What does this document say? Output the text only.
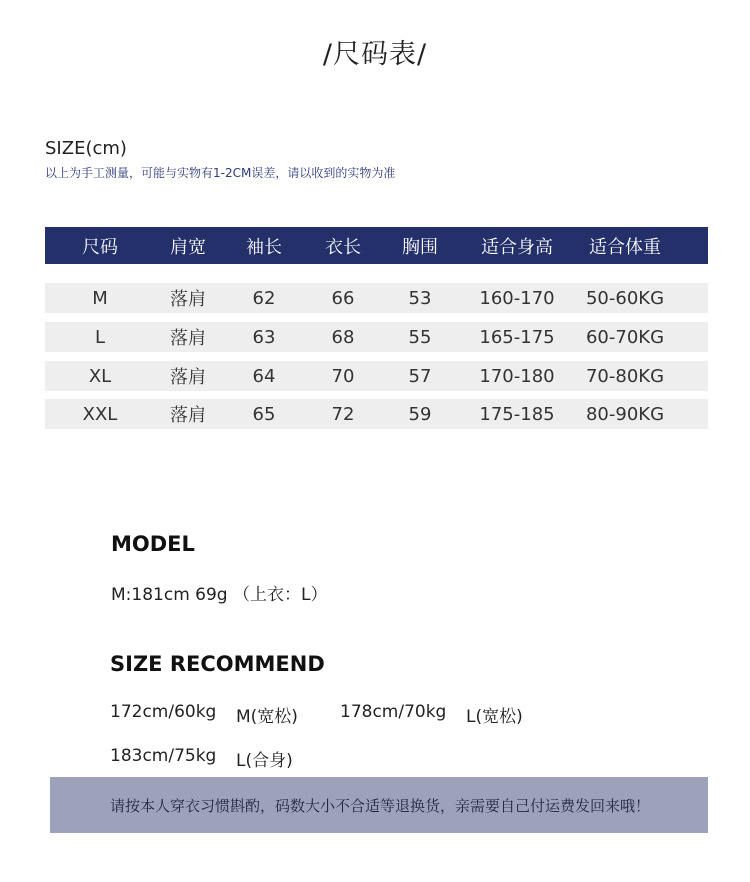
/尺码表/
SIZE(cm)
以上为手工测量，可能与实物有1-2CM误差，请以收到的实物为准
尺码	肩宽 袖长 衣长 胸围 适合身高 适合体重
M	落肩	62	66	53	160-170 50-60KG
L	落肩	63	68	55	165-175 60-70KG
XL	落肩	64	70	57	170-180 70-80KG
XXL	落肩	65	72	59	175-185 80-90KG
MODEL
M:181cm 69g （上衣：L）
SIZE RECOMMEND
172cm/60kg M(宽松) 178cm/70kg L(宽松)
183cm/75kg L(合身)
请按本人穿衣习惯斟酌，码数大小不合适等退换货，亲需要自己付运费发回来哦！
